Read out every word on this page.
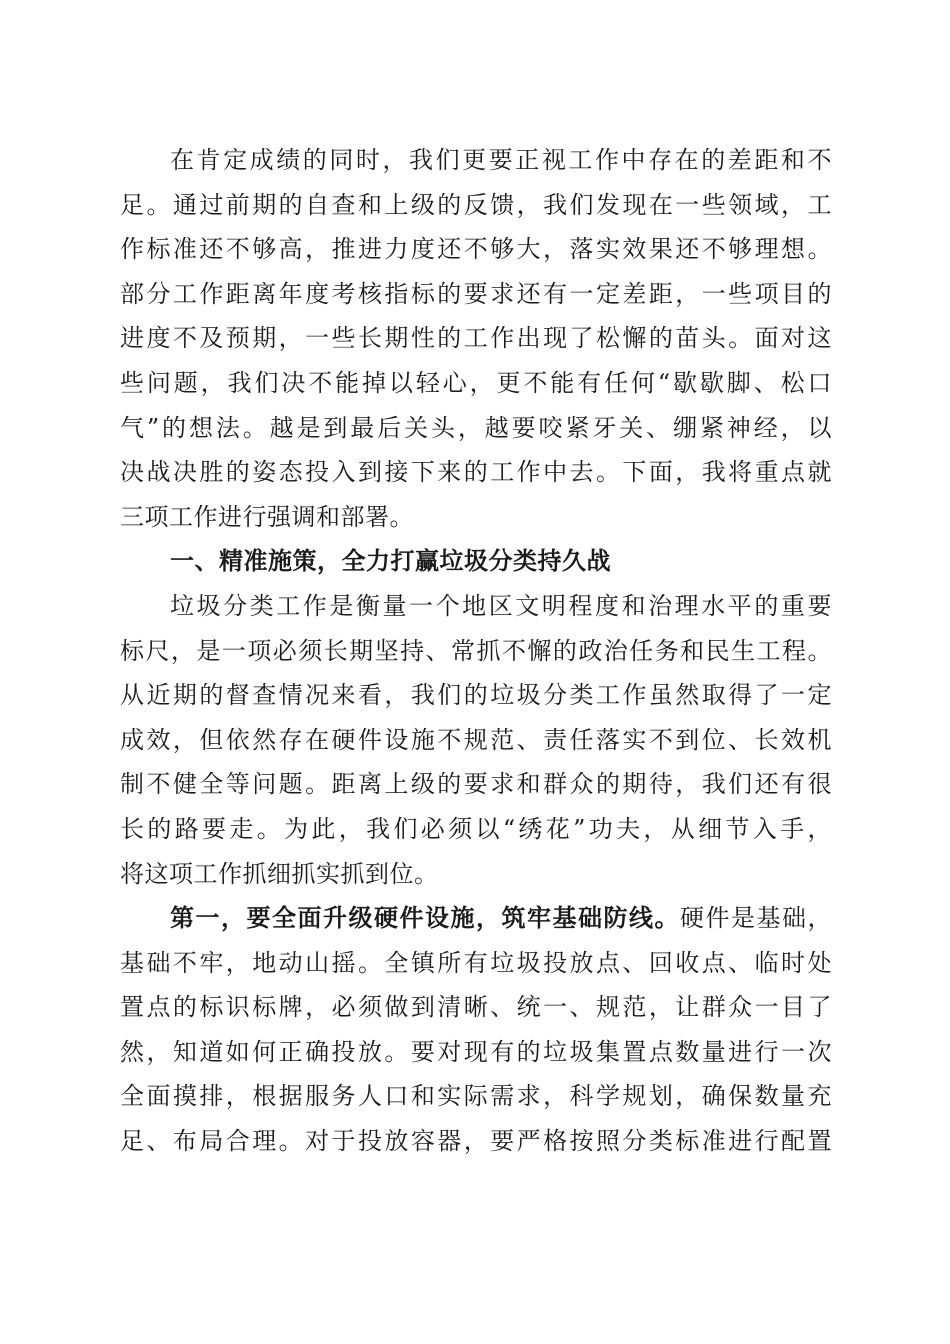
在肯定成绩的同时，我们更要正视工作中存在的差距和不
足。通过前期的自查和上级的反馈，我们发现在一些领域，工
作标准还不够高，推进力度还不够大，落实效果还不够理想。
部分工作距离年度考核指标的要求还有一定差距，一些项目的
进度不及预期，一些长期性的工作出现了松懈的苗头。面对这
些问题，我们决不能掉以轻心，更不能有任何“歇歇脚、松口
气”的想法。越是到最后关头，越要咬紧牙关、绷紧神经，以
决战决胜的姿态投入到接下来的工作中去。下面，我将重点就
三项工作进行强调和部署。
一、精准施策，全力打赢垃圾分类持久战
垃圾分类工作是衡量一个地区文明程度和治理水平的重要
标尺，是一项必须长期坚持、常抓不懈的政治任务和民生工程。
从近期的督查情况来看，我们的垃圾分类工作虽然取得了一定
成效，但依然存在硬件设施不规范、责任落实不到位、长效机
制不健全等问题。距离上级的要求和群众的期待，我们还有很
长的路要走。为此，我们必须以“绣花”功夫，从细节入手，
将这项工作抓细抓实抓到位。
第一，要全面升级硬件设施，筑牢基础防线。硬件是基础，
基础不牢，地动山摇。全镇所有垃圾投放点、回收点、临时处
置点的标识标牌，必须做到清晰、统一、规范，让群众一目了
然，知道如何正确投放。要对现有的垃圾集置点数量进行一次
全面摸排，根据服务人口和实际需求，科学规划，确保数量充
足、布局合理。对于投放容器，要严格按照分类标准进行配置
